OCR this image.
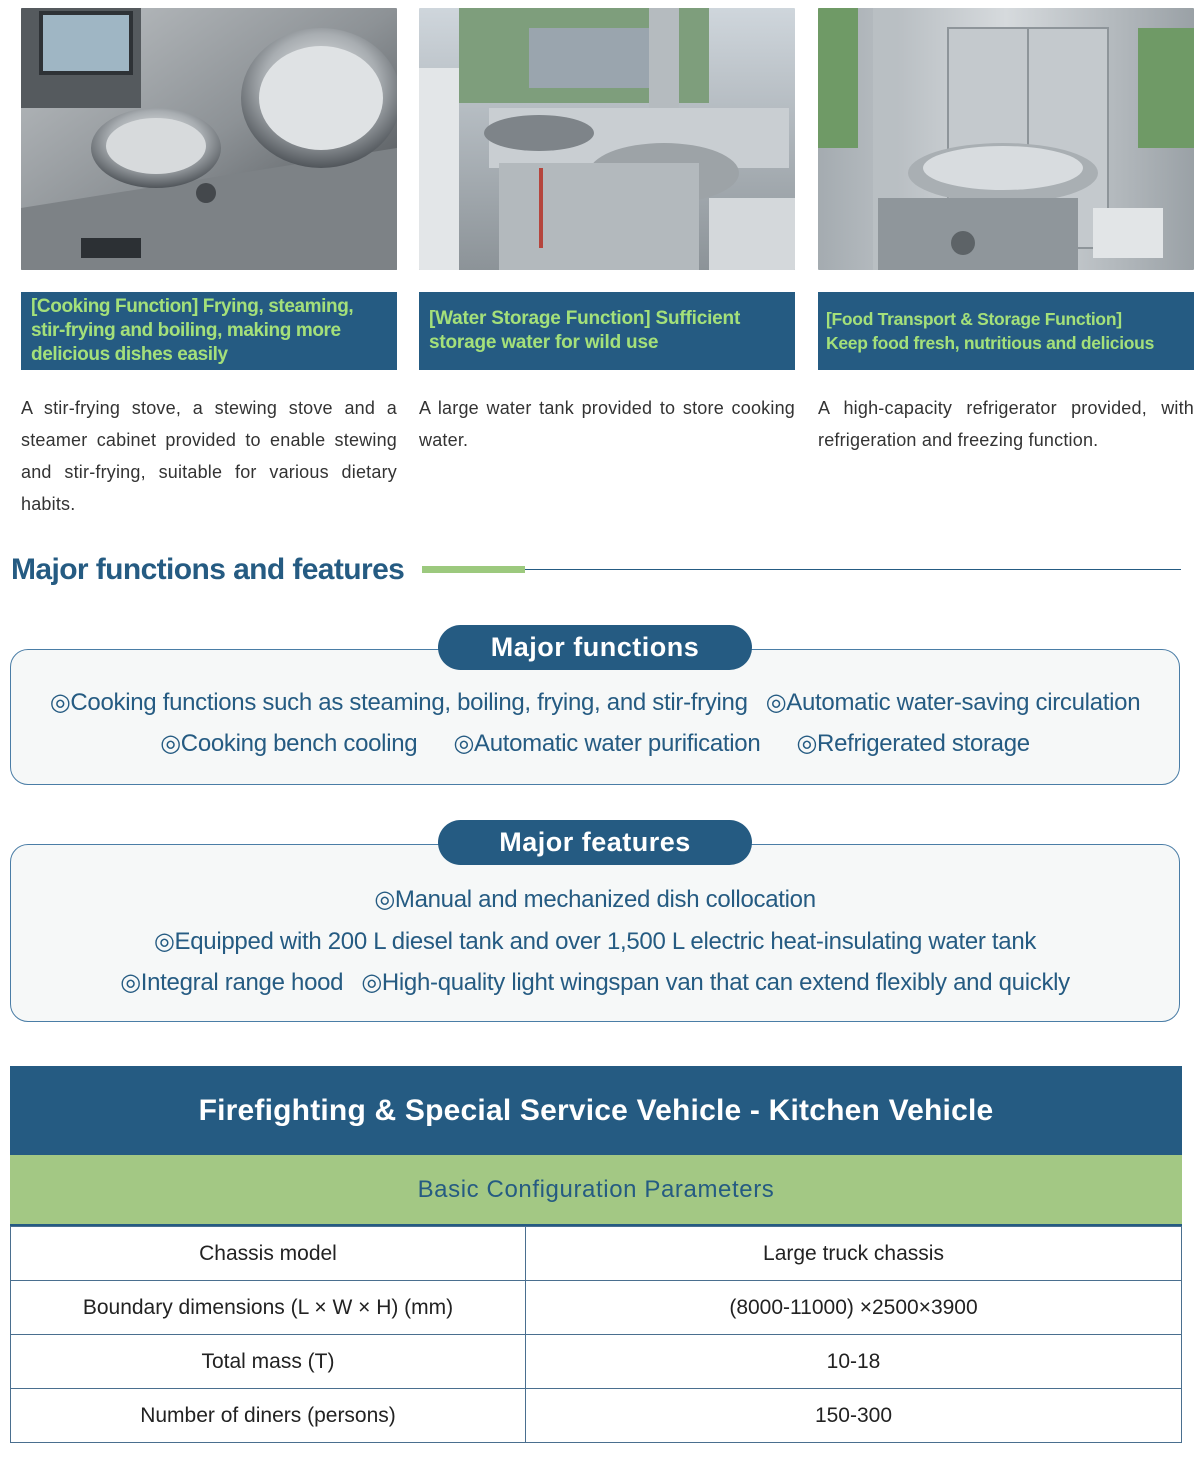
[Cooking Function] Frying, steaming,
stir-frying and boiling, making more
delicious dishes easily
[Water Storage Function] Sufficient
storage water for wild use
[Food Transport & Storage Function]
Keep food fresh, nutritious and delicious
A stir-frying stove, a stewing stove and a steamer cabinet provided to enable stewing and stir-frying, suitable for various dietary habits.
A large water tank provided to store cooking water.
A high-capacity refrigerator provided, with refrigeration and freezing function.
Major functions and features
Major functions
◎Cooking functions such as steaming, boiling, frying, and stir-frying ◎Automatic water-saving circulation
◎Cooking bench cooling ◎Automatic water purification ◎Refrigerated storage
Major features
◎Manual and mechanized dish collocation
◎Equipped with 200 L diesel tank and over 1,500 L electric heat-insulating water tank
◎Integral range hood ◎High-quality light wingspan van that can extend flexibly and quickly
Firefighting & Special Service Vehicle - Kitchen Vehicle
Basic Configuration Parameters
Chassis model	Large truck chassis
Boundary dimensions (L × W × H) (mm)	(8000-11000) ×2500×3900
Total mass (T)	10-18
Number of diners (persons)	150-300
